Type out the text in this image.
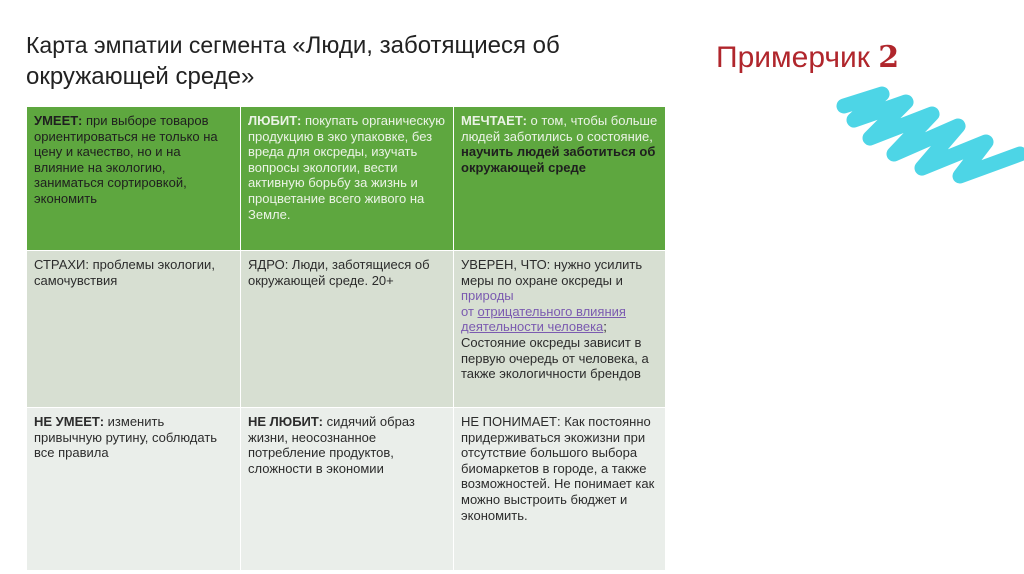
Карта эмпатии сегмента «Люди, заботящиеся об
окружающей среде»
Примерчик 2
УМЕЕТ: при выборе товаров ориентироваться не только на цену и качество, но и на влияние на экологию, заниматься сортировкой, экономить
ЛЮБИТ: покупать органическую продукцию в эко упаковке, без вреда для оксреды, изучать вопросы экологии, вести активную борьбу за жизнь и процветание всего живого на Земле.
МЕЧТАЕТ: о том, чтобы больше людей заботились о состояние, научить людей заботиться об окружающей среде
СТРАХИ: проблемы экологии, самочувствия
ЯДРО: Люди, заботящиеся об окружающей среде. 20+
УВЕРЕН, ЧТО: нужно усилить меры по охране оксреды и природы
от отрицательного влияния деятельности человека;
Состояние оксреды зависит в первую очередь от человека, а также экологичности брендов
НЕ УМЕЕТ: изменить привычную рутину, соблюдать все правила
НЕ ЛЮБИТ: сидячий образ жизни, неосознанное потребление продуктов, сложности в экономии
НЕ ПОНИМАЕТ: Как постоянно придерживаться экожизни при отсутствие большого выбора биомаркетов в городе, а также возможностей. Не понимает как можно выстроить бюджет и экономить.
